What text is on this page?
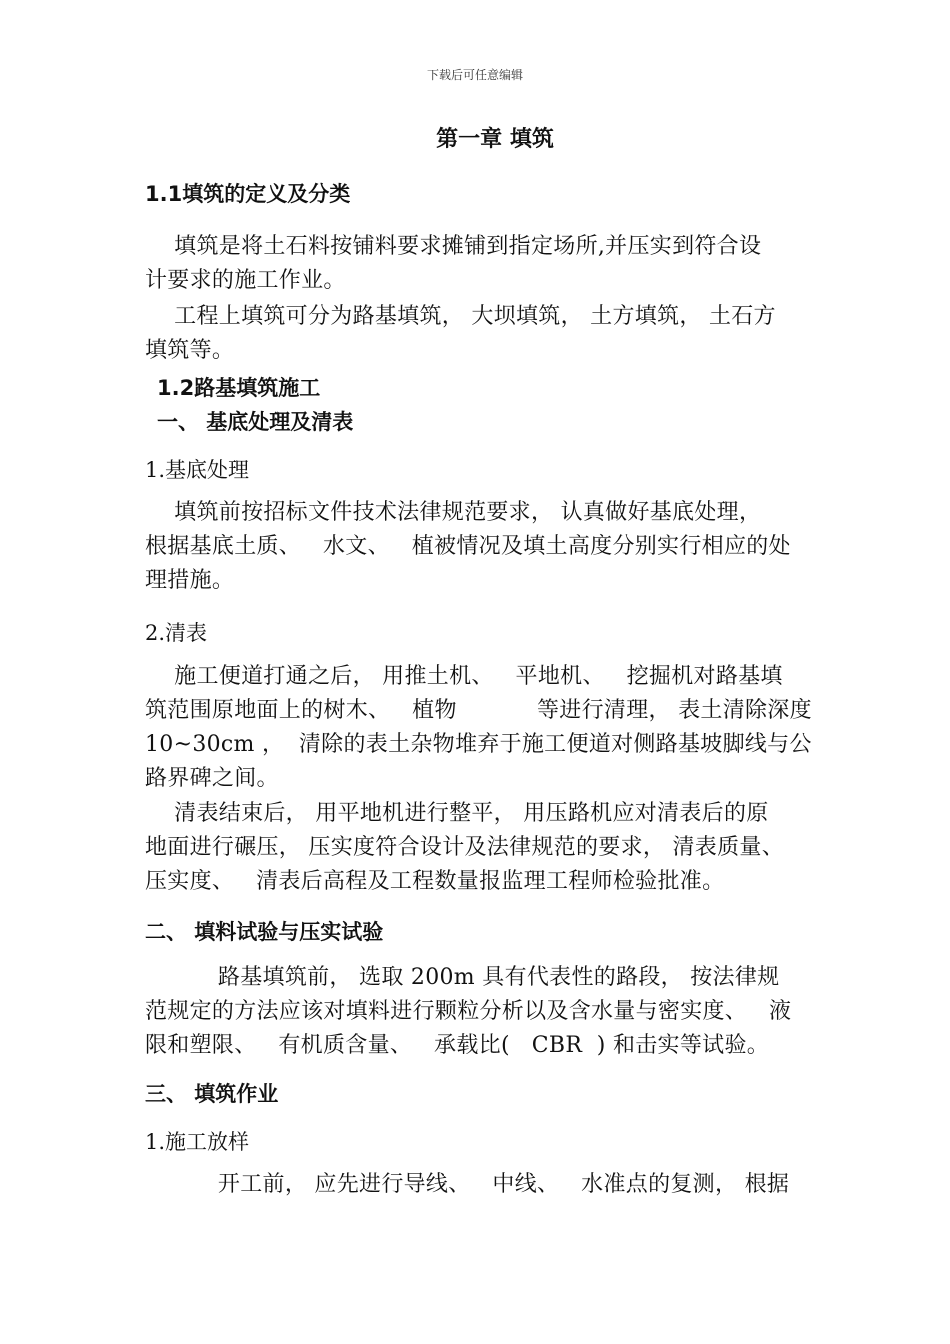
下载后可任意编辑
第一章 填筑
1.1填筑的定义及分类
填筑是将土石料按铺料要求摊铺到指定场所,并压实到符合设
计要求的施工作业。
工程上填筑可分为路基填筑， 大坝填筑， 土方填筑， 土石方
填筑等。
1.2路基填筑施工
一、 基底处理及清表
1.基底处理
填筑前按招标文件技术法律规范要求， 认真做好基底处理，
根据基底土质、   水文、   植被情况及填土高度分别实行相应的处
理措施。
2.清表
施工便道打通之后， 用推土机、   平地机、   挖掘机对路基填
筑范围原地面上的树木、   植物           等进行清理， 表土清除深度
10~30cm ，  清除的表土杂物堆弃于施工便道对侧路基坡脚线与公
路界碑之间。
清表结束后， 用平地机进行整平， 用压路机应对清表后的原
地面进行碾压， 压实度符合设计及法律规范的要求， 清表质量、
压实度、   清表后高程及工程数量报监理工程师检验批准。
二、 填料试验与压实试验
路基填筑前， 选取 200m 具有代表性的路段， 按法律规
范规定的方法应该对填料进行颗粒分析以及含水量与密实度、   液
限和塑限、   有机质含量、   承载比(   CBR  ) 和击实等试验。
三、 填筑作业
1.施工放样
开工前， 应先进行导线、   中线、   水准点的复测， 根据
